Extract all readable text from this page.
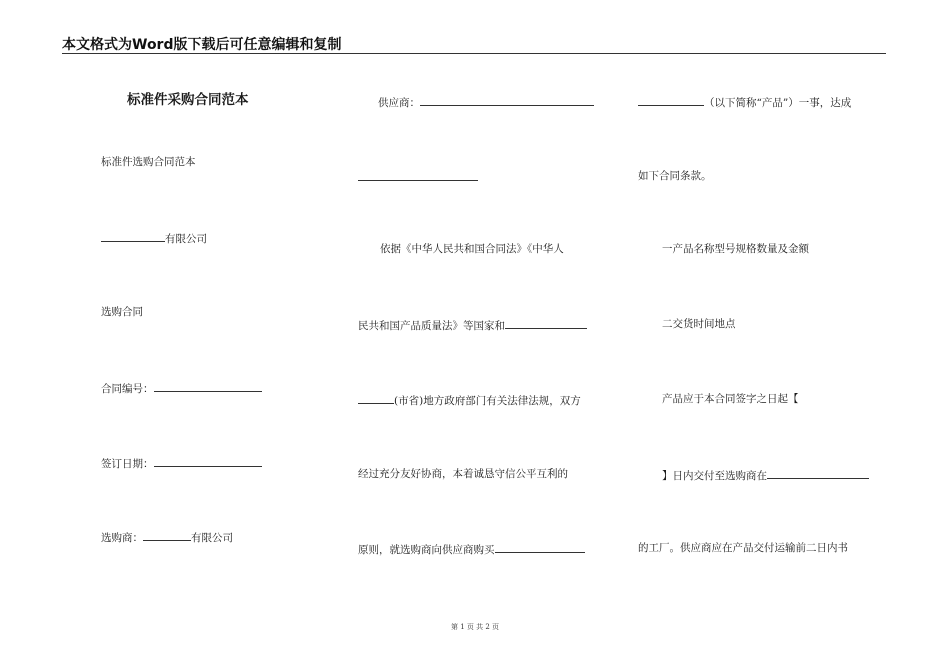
本文格式为Word版下载后可任意编辑和复制
标准件采购合同范本
标准件选购合同范本
有限公司
选购合同
合同编号：
签订日期：
选购商：	有限公司
供应商：
依据《中华人民共和国合同法》《中华人
民共和国产品质量法》等国家和
(市省)地方政府部门有关法律法规，双方
经过充分友好协商，本着诚恳守信公平互利的
原则，就选购商向供应商购买
（以下简称“产品”）一事，达成
如下合同条款。
一产品名称型号规格数量及金额
二交货时间地点
产品应于本合同签字之日起【
】日内交付至选购商在
的工厂。供应商应在产品交付运输前二日内书
第 1 页 共 2 页
